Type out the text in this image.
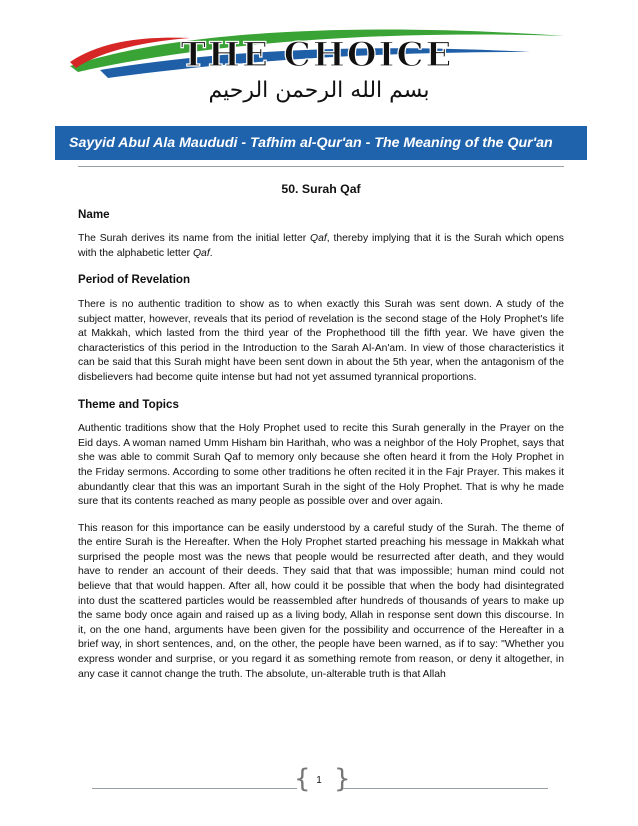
THE CHOICE
بسم الله الرحمن الرحيم
Sayyid Abul Ala Maududi - Tafhim al-Qur'an - The Meaning of the Qur'an
50. Surah Qaf
Name

The Surah derives its name from the initial letter Qaf, thereby implying that it is the Surah which opens with the alphabetic letter Qaf.

Period of Revelation

There is no authentic tradition to show as to when exactly this Surah was sent down. A study of the subject matter, however, reveals that its period of revelation is the second stage of the Holy Prophet's life at Makkah, which lasted from the third year of the Prophethood till the fifth year. We have given the characteristics of this period in the Introduction to the Sarah Al-An'am. In view of those characteristics it can be said that this Surah might have been sent down in about the 5th year, when the antagonism of the disbelievers had become quite intense but had not yet assumed tyrannical proportions.

Theme and Topics

Authentic traditions show that the Holy Prophet used to recite this Surah generally in the Prayer on the Eid days. A woman named Umm Hisham bin Harithah, who was a neighbor of the Holy Prophet, says that she was able to commit Surah Qaf to memory only because she often heard it from the Holy Prophet in the Friday sermons. According to some other traditions he often recited it in the Fajr Prayer. This makes it abundantly clear that this was an important Surah in the sight of the Holy Prophet. That is why he made sure that its contents reached as many people as possible over and over again.

This reason for this importance can be easily understood by a careful study of the Surah. The theme of the entire Surah is the Hereafter. When the Holy Prophet started preaching his message in Makkah what surprised the people most was the news that people would be resurrected after death, and they would have to render an account of their deeds. They said that that was impossible; human mind could not believe that that would happen. After all, how could it be possible that when the body had disintegrated into dust the scattered particles would be reassembled after hundreds of thousands of years to make up the same body once again and raised up as a living body, Allah in response sent down this discourse. In it, on the one hand, arguments have been given for the possibility and occurrence of the Hereafter in a brief way, in short sentences, and, on the other, the people have been warned, as if to say: "Whether you express wonder and surprise, or you regard it as something remote from reason, or deny it altogether, in any case it cannot change the truth. The absolute, un-alterable truth is that Allah

{ }
1
